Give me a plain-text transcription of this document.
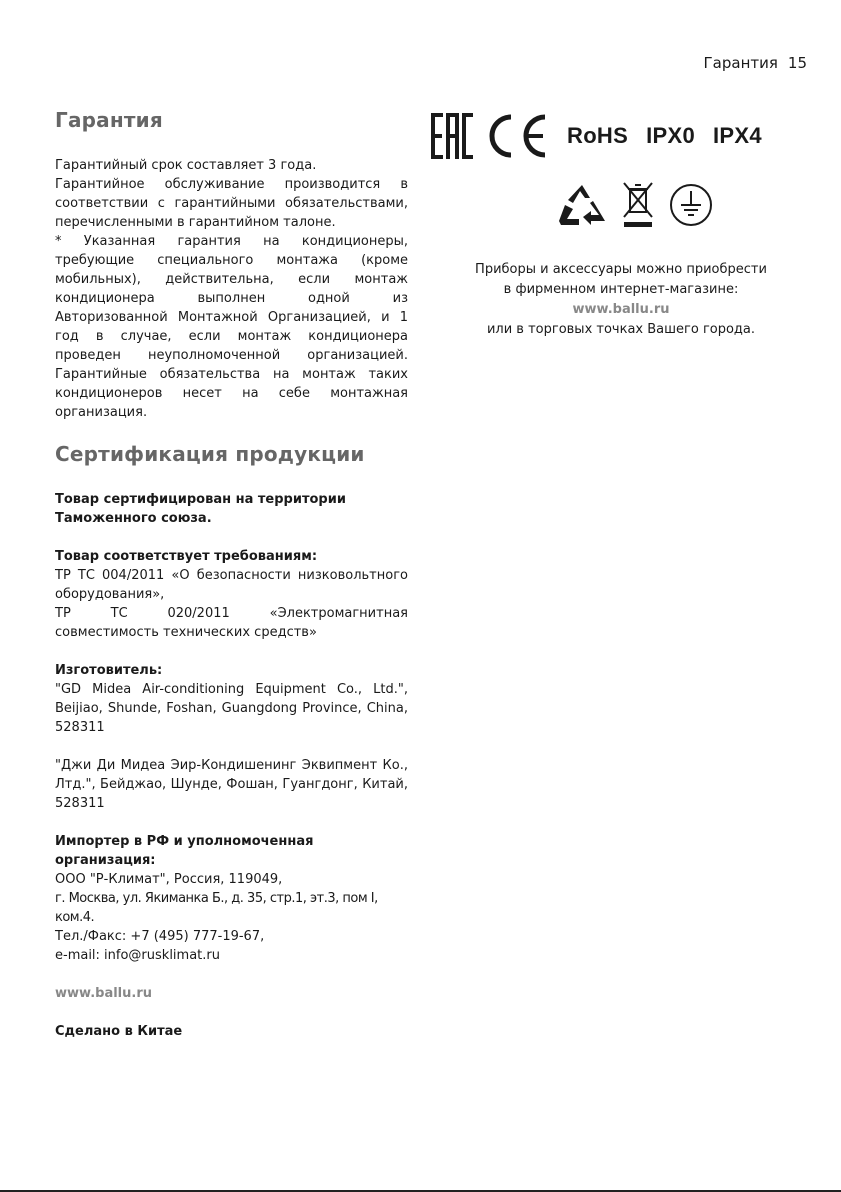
Гарантия 15
Гарантия

Гарантийный срок составляет 3 года.

Гарантийное обслуживание производится в соответствии с гарантийными обязательствами, перечисленными в гарантийном талоне.

* Указанная гарантия на кондиционеры, требующие специального монтажа (кроме мобильных), действительна, если монтаж кондиционера выполнен одной из Авторизованной Монтажной Организацией, и 1 год в случае, если монтаж кондиционера проведен неуполномоченной организацией. Гарантийные обязательства на монтаж таких кондиционеров несет на себе монтажная организация.

Сертификация продукции

Товар сертифицирован на территории

Таможенного союза.

Товар соответствует требованиям:

ТР ТС 004/2011 «О безопасности низковольтного оборудования»,

ТР ТС 020/2011 «Электромагнитная совместимость технических средств»

Изготовитель:

"GD Midea Air-conditioning Equipment Co., Ltd.", Beijiao, Shunde, Foshan, Guangdong Province, China, 528311

"Джи Ди Мидеа Эир-Кондишенинг Эквипмент Ко., Лтд.", Бейджао, Шунде, Фошан, Гуангдонг, Китай, 528311

Импортер в РФ и уполномоченная

организация:

ООО "Р-Климат", Россия, 119049,

г. Москва, ул. Якиманка Б., д. 35, стр.1, эт.3, пом I, ком.4.

Тел./Факс: +7 (495) 777-19-67,

e-mail: info@rusklimat.ru

www.ballu.ru

Сделано в Китае

RoHS IPX0 IPX4
Приборы и аксессуары можно приобрести
в фирменном интернет-магазине:
www.ballu.ru
или в торговых точках Вашего города.
